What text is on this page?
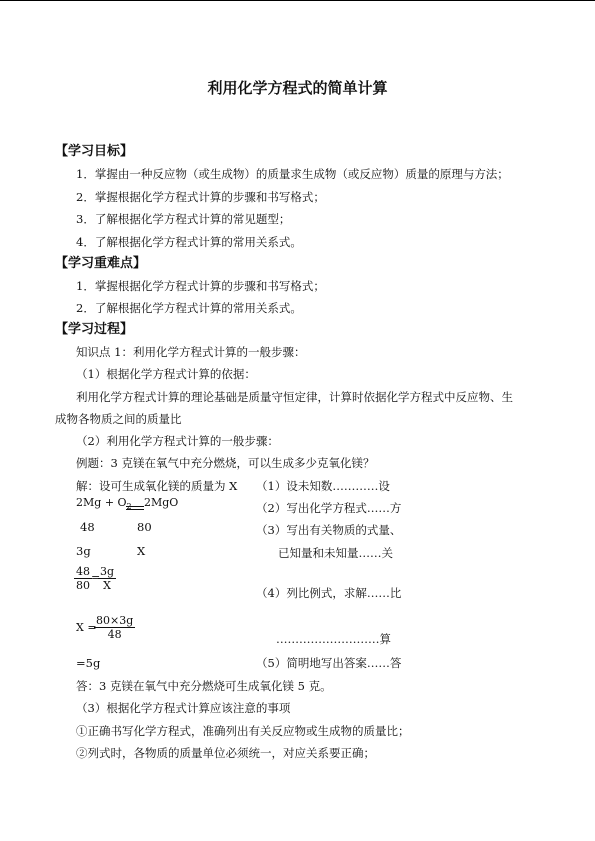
利用化学方程式的简单计算
【学习目标】
1．掌握由一种反应物（或生成物）的质量求生成物（或反应物）质量的原理与方法；
2．掌握根据化学方程式计算的步骤和书写格式；
3．了解根据化学方程式计算的常见题型；
4．了解根据化学方程式计算的常用关系式。
【学习重难点】
1．掌握根据化学方程式计算的步骤和书写格式；
2．了解根据化学方程式计算的常用关系式。
【学习过程】
知识点 1：利用化学方程式计算的一般步骤：
（1）根据化学方程式计算的依据：
利用化学方程式计算的理论基础是质量守恒定律，计算时依据化学方程式中反应物、生
成物各物质之间的质量比
（2）利用化学方程式计算的一般步骤：
例题：3 克镁在氧气中充分燃烧，可以生成多少克氧化镁？
解：设可生成氧化镁的质量为 X
$2Mg + O_2$ 2MgO
48	80
3g	X
$\frac{48}{80}$ =
$\frac{3g}{X}$
X =
$\frac{80\times 3g}{48}$
=5g
（1）设未知数…………设
（2）写出化学方程式……方
（3）写出有关物质的式量、
已知量和未知量……关
（4）列比例式，求解……比
………………………算
（5）简明地写出答案……答
答：3 克镁在氧气中充分燃烧可生成氧化镁 5 克。
（3）根据化学方程式计算应该注意的事项
①正确书写化学方程式，准确列出有关反应物或生成物的质量比；
②列式时，各物质的质量单位必须统一，对应关系要正确；
